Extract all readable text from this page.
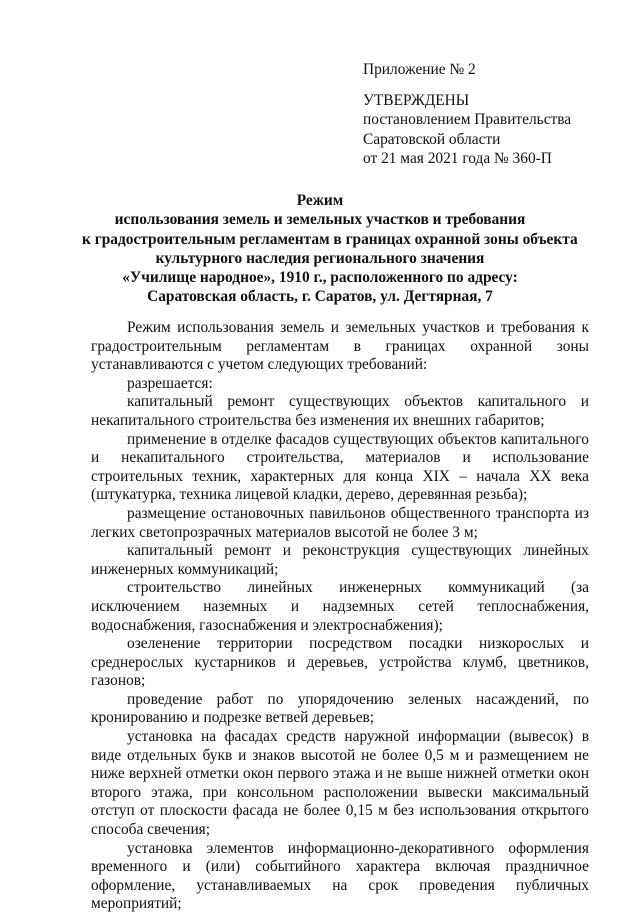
Приложение № 2
УТВЕРЖДЕНЫ
постановлением Правительства
Саратовской области
от 21 мая 2021 года № 360-П
Режим
использования земель и земельных участков и требования
к градостроительным регламентам в границах охранной зоны объекта
культурного наследия регионального значения
«Училище народное», 1910 г., расположенного по адресу:
Саратовская область, г. Саратов, ул. Дегтярная, 7

Режим использования земель и земельных участков и требования к градостроительным регламентам в границах охранной зоны устанавливаются с учетом следующих требований:

разрешается:

капитальный ремонт существующих объектов капитального и некапитального строительства без изменения их внешних габаритов;

применение в отделке фасадов существующих объектов капитального и некапитального строительства, материалов и использование строительных техник, характерных для конца XIX – начала XX века (штукатурка, техника лицевой кладки, дерево, деревянная резьба);

размещение остановочных павильонов общественного транспорта из легких светопрозрачных материалов высотой не более 3 м;

капитальный ремонт и реконструкция существующих линейных инженерных коммуникаций;

строительство линейных инженерных коммуникаций (за исключением наземных и надземных сетей теплоснабжения, водоснабжения, газоснабжения и электроснабжения);

озеленение территории посредством посадки низкорослых и среднерослых кустарников и деревьев, устройства клумб, цветников, газонов;

проведение работ по упорядочению зеленых насаждений, по кронированию и подрезке ветвей деревьев;

установка на фасадах средств наружной информации (вывесок) в виде отдельных букв и знаков высотой не более 0,5 м и размещением не ниже верхней отметки окон первого этажа и не выше нижней отметки окон второго этажа, при консольном расположении вывески максимальный отступ от плоскости фасада не более 0,15 м без использования открытого способа свечения;

установка элементов информационно-декоративного оформления временного и (или) событийного характера включая праздничное оформление, устанавливаемых на срок проведения публичных мероприятий;
